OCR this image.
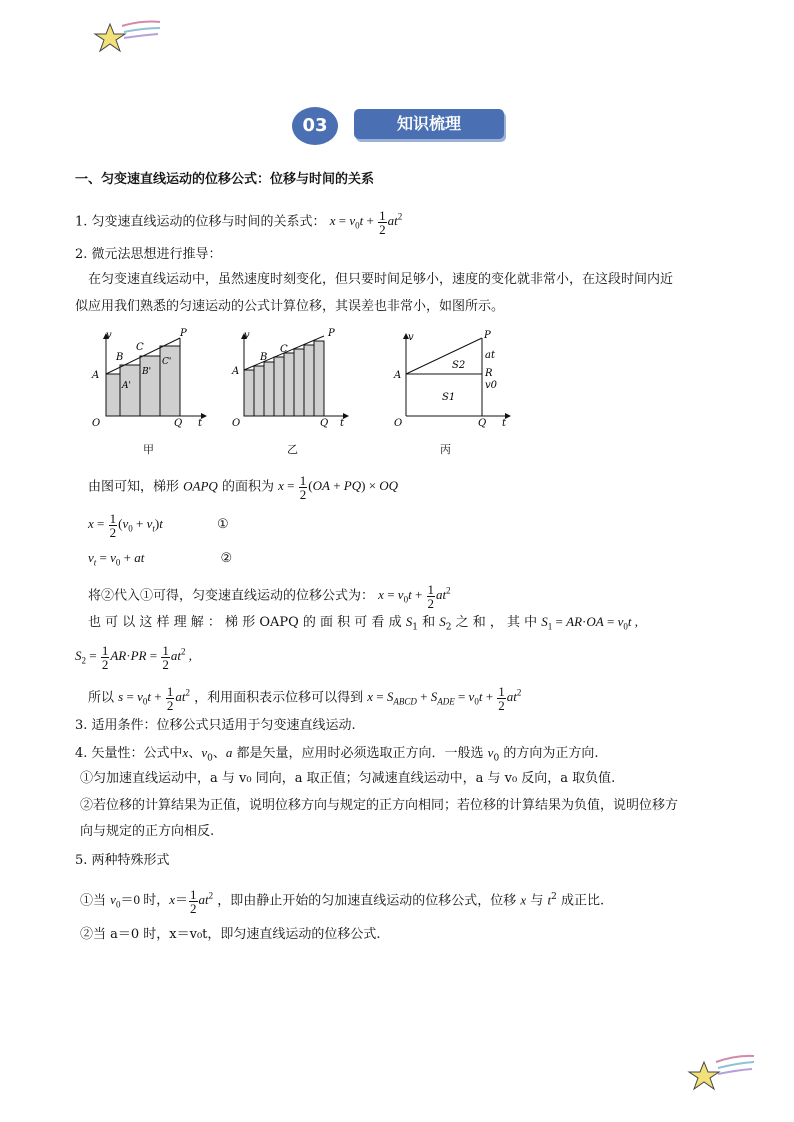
03	知识梳理
一、匀变速直线运动的位移公式：位移与时间的关系
1. 匀变速直线运动的位移与时间的关系式： $x = v_0t + \frac{1}{2} at^2$
2. 微元法思想进行推导：
在匀变速直线运动中，虽然速度时刻变化，但只要时间足够小，速度的变化就非常小，在这段时间内近
似应用我们熟悉的匀速运动的公式计算位移，其误差也非常小，如图所示。
v
t
O	Q
A
B
C
P
A'
B'
C'
甲
v
t
O	Q
A
B
C
P
乙
v
t
O	Q
A
P
at
R
v0
S2
S1
丙
由图可知，梯形 OAPQ 的面积为 $x = \frac{1}{2} (OA + PQ)$ × OQ
$x = \frac{1}{2} (v_0 + v_t)t$	①
$v_t = v_0$ + at	②
将②代入①可得，匀变速直线运动的位移公式为： $x = v_0t + \frac{1}{2} at^2$
也 可 以 这 样 理 解 ： 梯 形 OAPQ 的 面 积 可 看 成 $S_1$ 和 $S_2$ 之 和 ， 其 中 $S_1 = AR\cdot OA = v_0t$ ,
$S_2 = \frac{1}{2} AR\cdot PR = \frac{1}{2} at^2$ ,
所以 $s = v_0t + \frac{1}{2} at^2$ ，利用面积表示位移可以得到 $x = S_{ABCD} + S_{ADE} = v_0t + \frac{1}{2} at^2$
3. 适用条件：位移公式只适用于匀变速直线运动.
4. 矢量性：公式中x、$v_0$、a 都是矢量，应用时必须选取正方向．一般选 $v_0$ 的方向为正方向.
①匀加速直线运动中，a 与 v₀ 同向，a 取正值；匀减速直线运动中，a 与 v₀ 反向，a 取负值.
②若位移的计算结果为正值，说明位移方向与规定的正方向相同；若位移的计算结果为负值，说明位移方
向与规定的正方向相反.
5. 两种特殊形式
①当 $v_0=0$ 时，$x= \frac{1}{2} at^2$ ，即由静止开始的匀加速直线运动的位移公式，位移 x 与 $t^2$ 成正比.
②当 a＝0 时，x＝v₀t，即匀速直线运动的位移公式.
